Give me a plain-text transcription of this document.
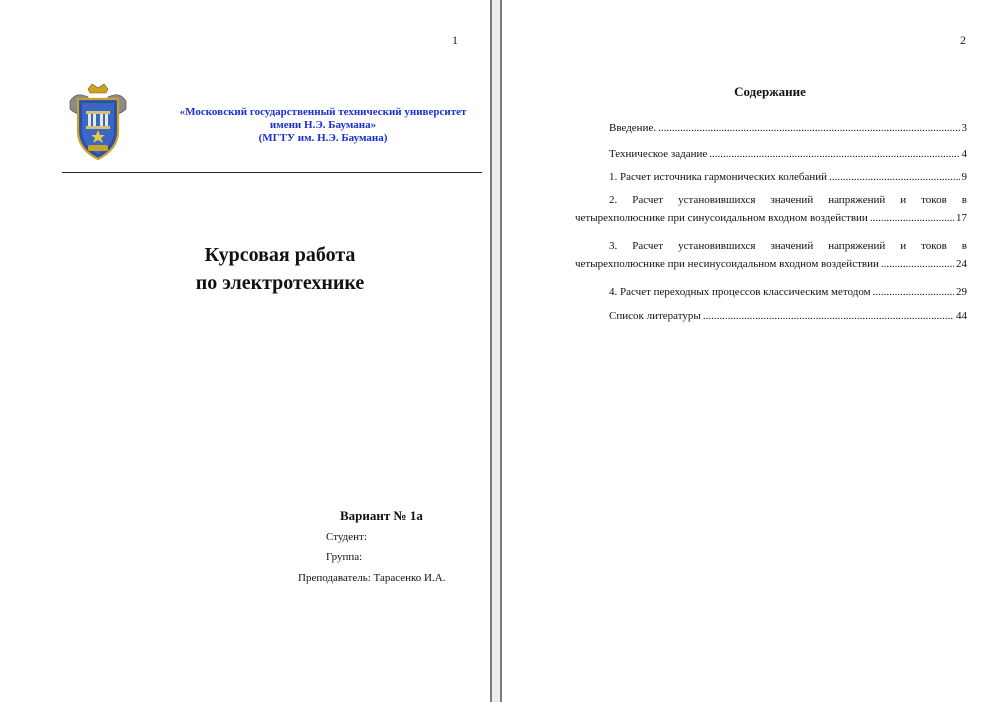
1
«Московский государственный технический университет
имени Н.Э. Баумана»
(МГТУ им. Н.Э. Баумана)
Курсовая работа
по электротехнике
Вариант № 1а
Студент:
Группа:
Преподаватель: Тарасенко И.А.
2
Содержание
Введение. .....	3
Техническое задание .....	4
1. Расчет источника гармонических колебаний .....	9
2. Расчет установившихся значений напряжений и токов в
четырехполюснике при синусоидальном входном воздействии .....	17
3. Расчет установившихся значений напряжений и токов в
четырехполюснике при несинусоидальном входном воздействии .....	24
4. Расчет переходных процессов классическим методом .....	29
Список литературы .....	44
